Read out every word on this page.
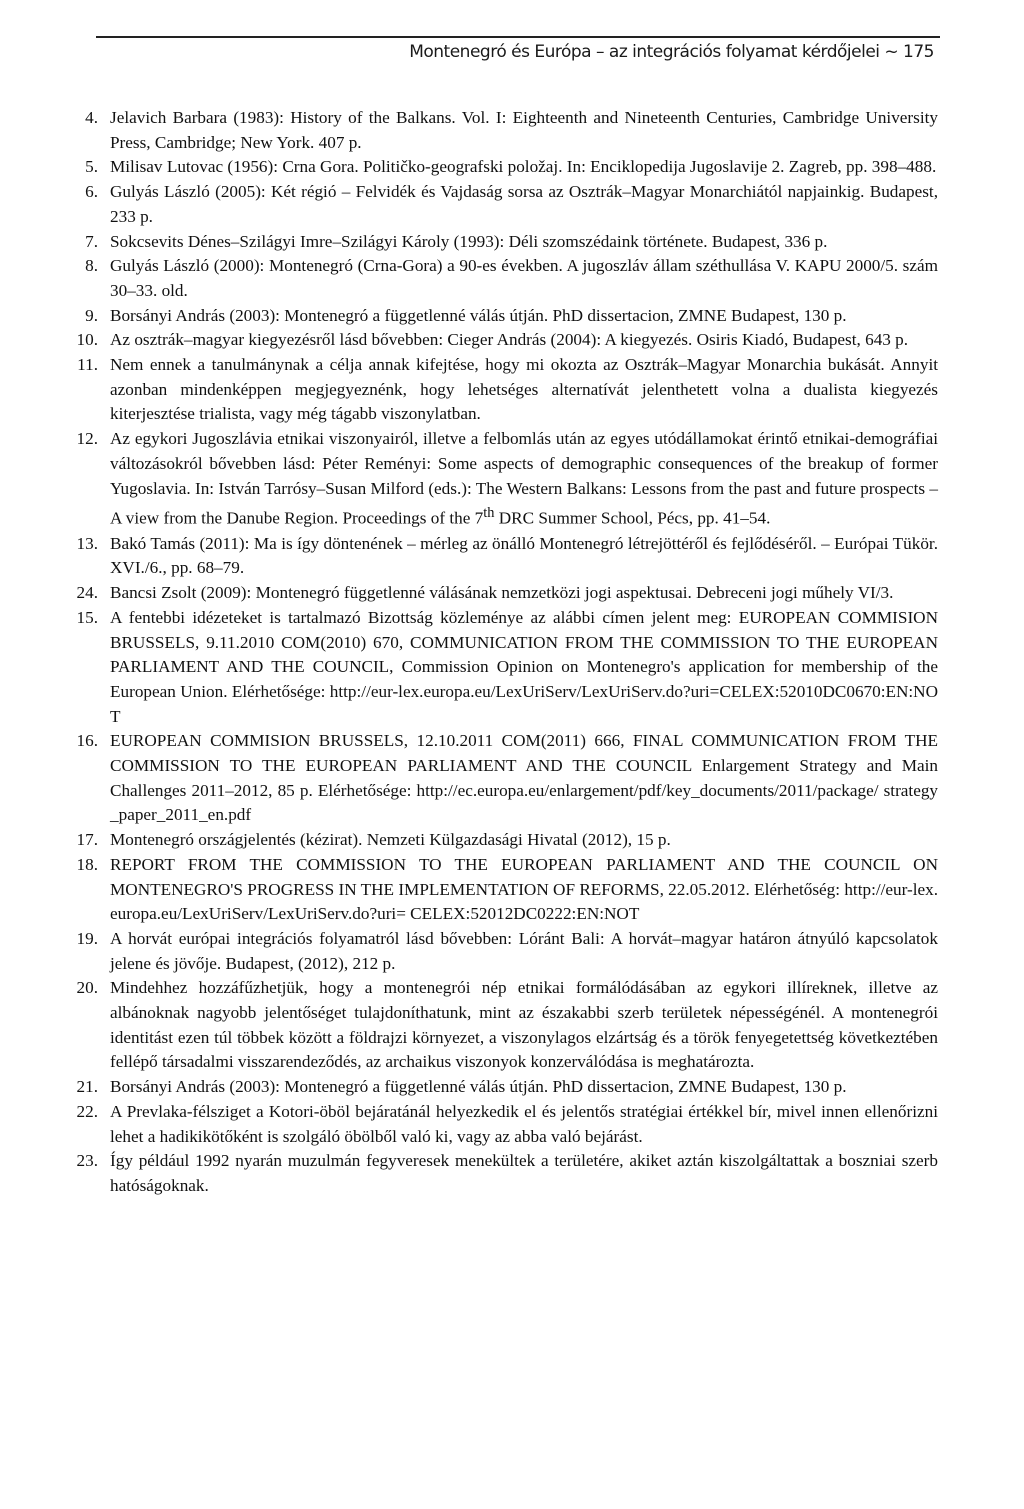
Montenegró és Európa – az integrációs folyamat kérdőjelei ~ 175
4. Jelavich Barbara (1983): History of the Balkans. Vol. I: Eighteenth and Nineteenth Centuries, Cambridge University Press, Cambridge; New York. 407 p.
5. Milisav Lutovac (1956): Crna Gora. Političko-geografski položaj. In: Enciklopedija Jugoslavije 2. Zagreb, pp. 398–488.
6. Gulyás László (2005): Két régió – Felvidék és Vajdaság sorsa az Osztrák–Magyar Monarchiától napjainkig. Budapest, 233 p.
7. Sokcsevits Dénes–Szilágyi Imre–Szilágyi Károly (1993): Déli szomszédaink története. Budapest, 336 p.
8. Gulyás László (2000): Montenegró (Crna-Gora) a 90-es években. A jugoszláv állam széthullása V. KAPU 2000/5. szám 30–33. old.
9. Borsányi András (2003): Montenegró a függetlenné válás útján. PhD dissertacion, ZMNE Budapest, 130 p.
10. Az osztrák–magyar kiegyezésről lásd bővebben: Cieger András (2004): A kiegyezés. Osiris Kiadó, Budapest, 643 p.
11. Nem ennek a tanulmánynak a célja annak kifejtése, hogy mi okozta az Osztrák–Magyar Monarchia bukását. Annyit azonban mindenképpen megjegyeznénk, hogy lehetséges alternatívát jelenthetett volna a dualista kiegyezés kiterjesztése trialista, vagy még tágabb viszonylatban.
12. Az egykori Jugoszlávia etnikai viszonyairól, illetve a felbomlás után az egyes utódállamokat érintő etnikai-demográfiai változásokról bővebben lásd: Péter Reményi: Some aspects of demographic consequences of the breakup of former Yugoslavia. In: István Tarrósy–Susan Milford (eds.): The Western Balkans: Lessons from the past and future prospects – A view from the Danube Region. Proceedings of the 7th DRC Summer School, Pécs, pp. 41–54.
13. Bakó Tamás (2011): Ma is így döntenének – mérleg az önálló Montenegró létrejöttéről és fejlődéséről. – Európai Tükör. XVI./6., pp. 68–79.
24. Bancsi Zsolt (2009): Montenegró függetlenné válásának nemzetközi jogi aspektusai. Debreceni jogi műhely VI/3.
15. A fentebbi idézeteket is tartalmazó Bizottság közleménye az alábbi címen jelent meg: EUROPEAN COMMISION BRUSSELS, 9.11.2010 COM(2010) 670, COMMUNICATION FROM THE COMMISSION TO THE EUROPEAN PARLIAMENT AND THE COUNCIL, Commission Opinion on Montenegro's application for membership of the European Union. Elérhetősége: http://eur-lex.europa.eu/LexUriServ/LexUriServ.do?uri=CELEX:52010DC0670:EN:NOT
16. EUROPEAN COMMISION BRUSSELS, 12.10.2011 COM(2011) 666, FINAL COMMUNICATION FROM THE COMMISSION TO THE EUROPEAN PARLIAMENT AND THE COUNCIL Enlargement Strategy and Main Challenges 2011–2012, 85 p. Elérhetősége: http://ec.europa.eu/enlargement/pdf/key_documents/2011/package/ strategy_paper_2011_en.pdf
17. Montenegró országjelentés (kézirat). Nemzeti Külgazdasági Hivatal (2012), 15 p.
18. REPORT FROM THE COMMISSION TO THE EUROPEAN PARLIAMENT AND THE COUNCIL ON MONTENEGRO'S PROGRESS IN THE IMPLEMENTATION OF REFORMS, 22.05.2012. Elérhetőség: http://eur-lex.europa.eu/LexUriServ/LexUriServ.do?uri= CELEX:52012DC0222:EN:NOT
19. A horvát európai integrációs folyamatról lásd bővebben: Lóránt Bali: A horvát–magyar határon átnyúló kapcsolatok jelene és jövője. Budapest, (2012), 212 p.
20. Mindehhez hozzáfűzhetjük, hogy a montenegrói nép etnikai formálódásában az egykori illíreknek, illetve az albánoknak nagyobb jelentőséget tulajdoníthatunk, mint az északabbi szerb területek népességénél. A montenegrói identitást ezen túl többek között a földrajzi környezet, a viszonylagos elzártság és a török fenyegetettség következtében fellépő társadalmi visszarendeződés, az archaikus viszonyok konzerválódása is meghatározta.
21. Borsányi András (2003): Montenegró a függetlenné válás útján. PhD dissertacion, ZMNE Budapest, 130 p.
22. A Prevlaka-félsziget a Kotori-öböl bejáratánál helyezkedik el és jelentős stratégiai értékkel bír, mivel innen ellenőrizni lehet a hadikikötőként is szolgáló öbölből való ki, vagy az abba való bejárást.
23. Így például 1992 nyarán muzulmán fegyveresek menekültek a területére, akiket aztán kiszolgáltattak a boszniai szerb hatóságoknak.
